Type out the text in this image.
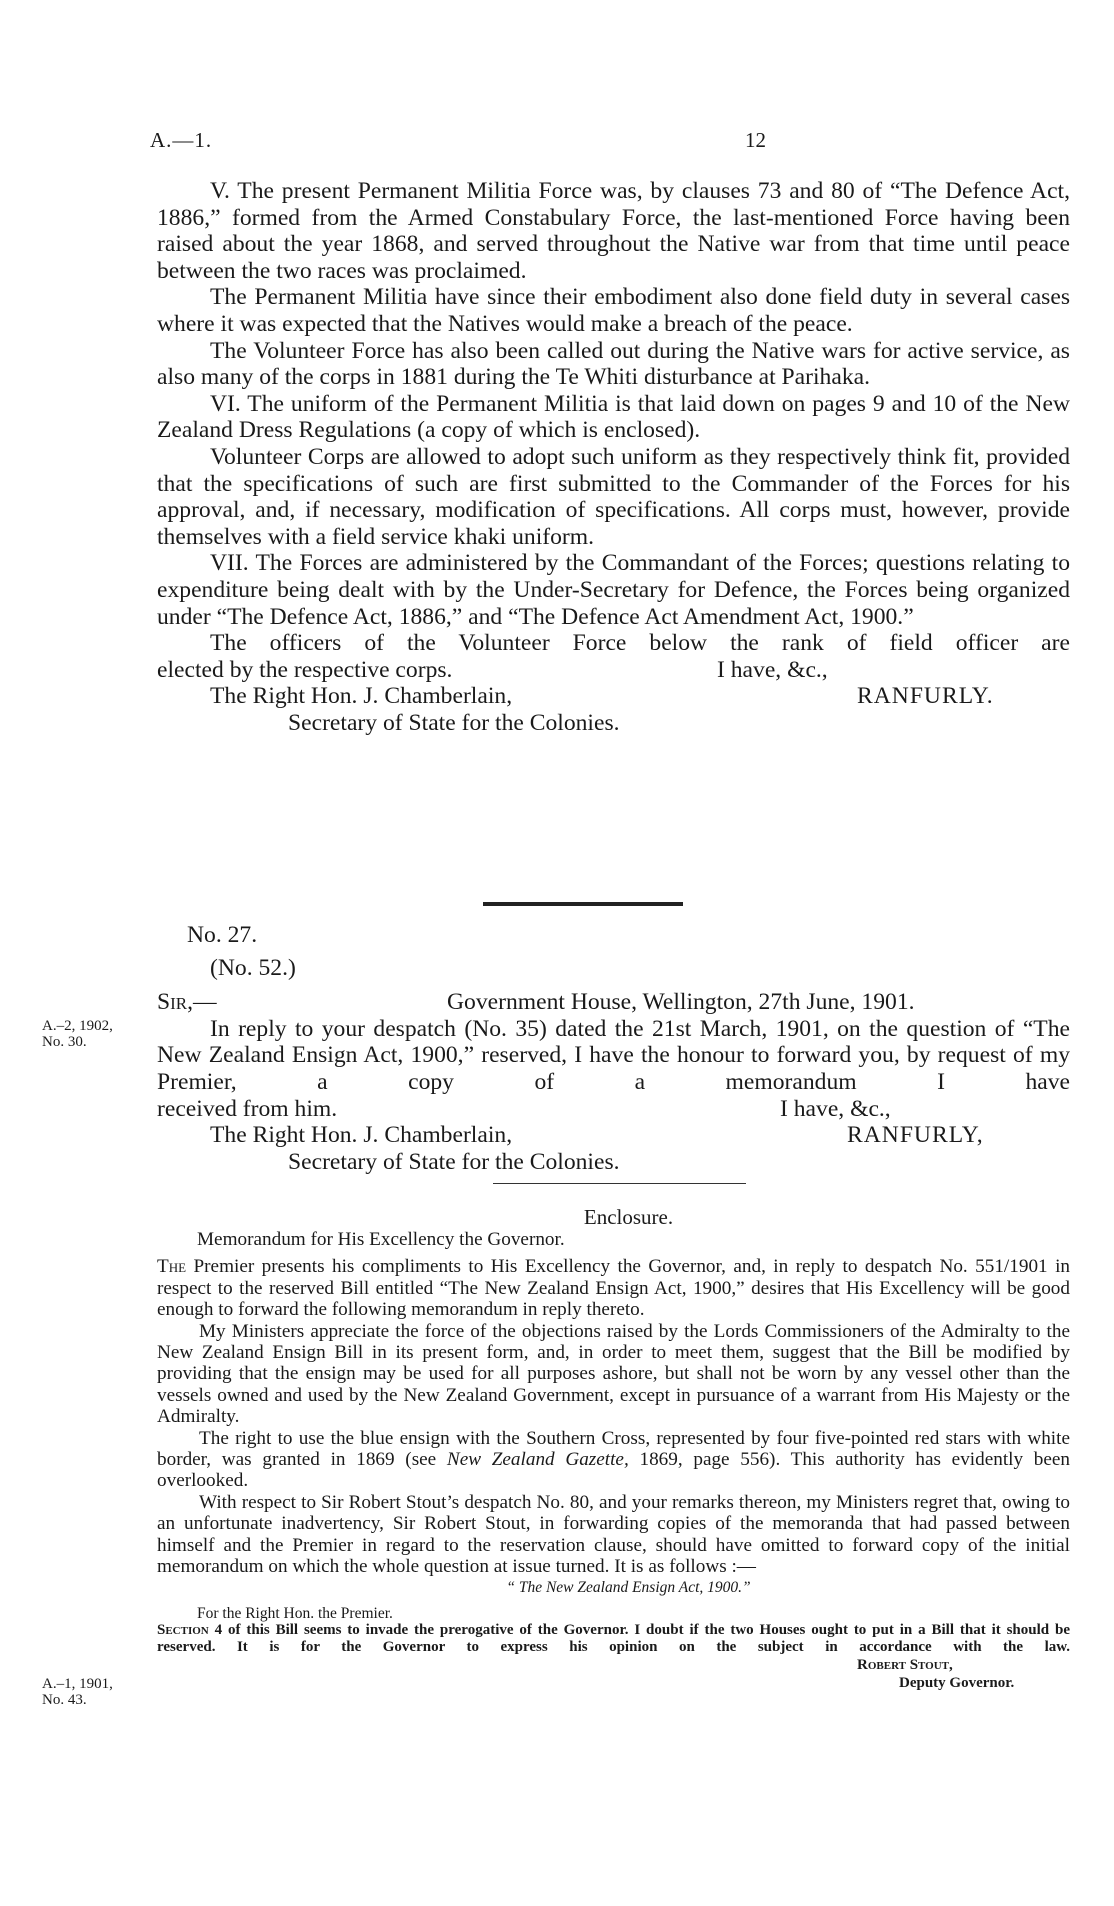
A.—1.	12

V. The present Permanent Militia Force was, by clauses 73 and 80 of “The Defence Act, 1886,” formed from the Armed Constabulary Force, the last-mentioned Force having been raised about the year 1868, and served throughout the Native war from that time until peace between the two races was proclaimed.

The Permanent Militia have since their embodiment also done field duty in several cases where it was expected that the Natives would make a breach of the peace.

The Volunteer Force has also been called out during the Native wars for active service, as also many of the corps in 1881 during the Te Whiti disturbance at Parihaka.

VI. The uniform of the Permanent Militia is that laid down on pages 9 and 10 of the New Zealand Dress Regulations (a copy of which is enclosed).

Volunteer Corps are allowed to adopt such uniform as they respectively think fit, provided that the specifications of such are first submitted to the Commander of the Forces for his approval, and, if necessary, modification of specifications. All corps must, however, provide themselves with a field service khaki uniform.

VII. The Forces are administered by the Commandant of the Forces; questions relating to expenditure being dealt with by the Under-Secretary for Defence, the Forces being organized under “The Defence Act, 1886,” and “The Defence Act Amendment Act, 1900.”

The officers of the Volunteer Force below the rank of field officer are

elected by the respective corps.	I have, &c.,
The Right Hon. J. Chamberlain,	RANFURLY.
Secretary of State for the Colonies.
No. 27.
(No. 52.)
Sir,—	Government House, Wellington, 27th June, 1901.

In reply to your despatch (No. 35) dated the 21st March, 1901, on the question of “The New Zealand Ensign Act, 1900,” reserved, I have the honour to forward you, by request of my Premier, a copy of a memorandum I have

received from him.	I have, &c.,
The Right Hon. J. Chamberlain,	RANFURLY,
Secretary of State for the Colonies.
A.–2, 1902,
No. 30.
Enclosure.
Memorandum for His Excellency the Governor.

The Premier presents his compliments to His Excellency the Governor, and, in reply to despatch No. 551/1901 in respect to the reserved Bill entitled “The New Zealand Ensign Act, 1900,” desires that His Excellency will be good enough to forward the following memorandum in reply thereto.

My Ministers appreciate the force of the objections raised by the Lords Commissioners of the Admiralty to the New Zealand Ensign Bill in its present form, and, in order to meet them, suggest that the Bill be modified by providing that the ensign may be used for all purposes ashore, but shall not be worn by any vessel other than the vessels owned and used by the New Zealand Government, except in pursuance of a warrant from His Majesty or the Admiralty.

The right to use the blue ensign with the Southern Cross, represented by four five-pointed red stars with white border, was granted in 1869 (see New Zealand Gazette, 1869, page 556). This authority has evidently been overlooked.

With respect to Sir Robert Stout’s despatch No. 80, and your remarks thereon, my Ministers regret that, owing to an unfortunate inadvertency, Sir Robert Stout, in forwarding copies of the memoranda that had passed between himself and the Premier in regard to the reservation clause, should have omitted to forward copy of the initial memorandum on which the whole question at issue turned. It is as follows :—

“ The New Zealand Ensign Act, 1900.”
For the Right Hon. the Premier.

Section 4 of this Bill seems to invade the prerogative of the Governor. I doubt if the two Houses ought to put in a Bill that it should be reserved. It is for the Governor to express his opinion on the subject in accordance with the law.

Robert Stout,
Deputy Governor.
A.–1, 1901,
No. 43.
